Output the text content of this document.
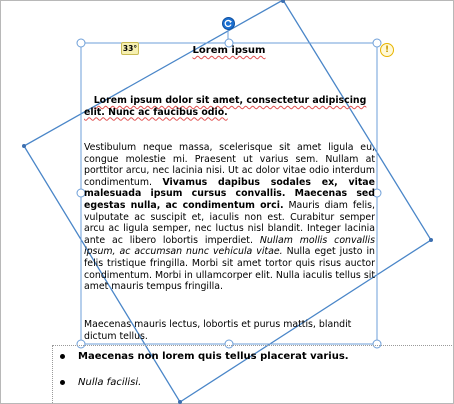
33°	!
Lorem ipsum
Lorem ipsum dolor sit amet, consectetur adipiscing
elit. Nunc ac faucibus odio.
Vestibulum neque massa, scelerisque sit amet ligula eu, congue molestie mi. Praesent ut varius sem. Nullam at porttitor arcu, nec lacinia nisi. Ut ac dolor vitae odio interdum condimentum. Vivamus dapibus sodales ex, vitae malesuada ipsum cursus convallis. Maecenas sed egestas nulla, ac condimentum orci. Mauris diam felis, vulputate ac suscipit et, iaculis non est. Curabitur semper arcu ac ligula semper, nec luctus nisl blandit. Integer lacinia ante ac libero lobortis imperdiet. Nullam mollis convallis ipsum, ac accumsan nunc vehicula vitae. Nulla eget justo in felis tristique fringilla. Morbi sit amet tortor quis risus auctor condimentum. Morbi in ullamcorper elit. Nulla iaculis tellus sit amet mauris tempus fringilla.
Maecenas mauris lectus, lobortis et purus mattis, blandit dictum tellus.
Maecenas non lorem quis tellus placerat varius.
Nulla facilisi.
